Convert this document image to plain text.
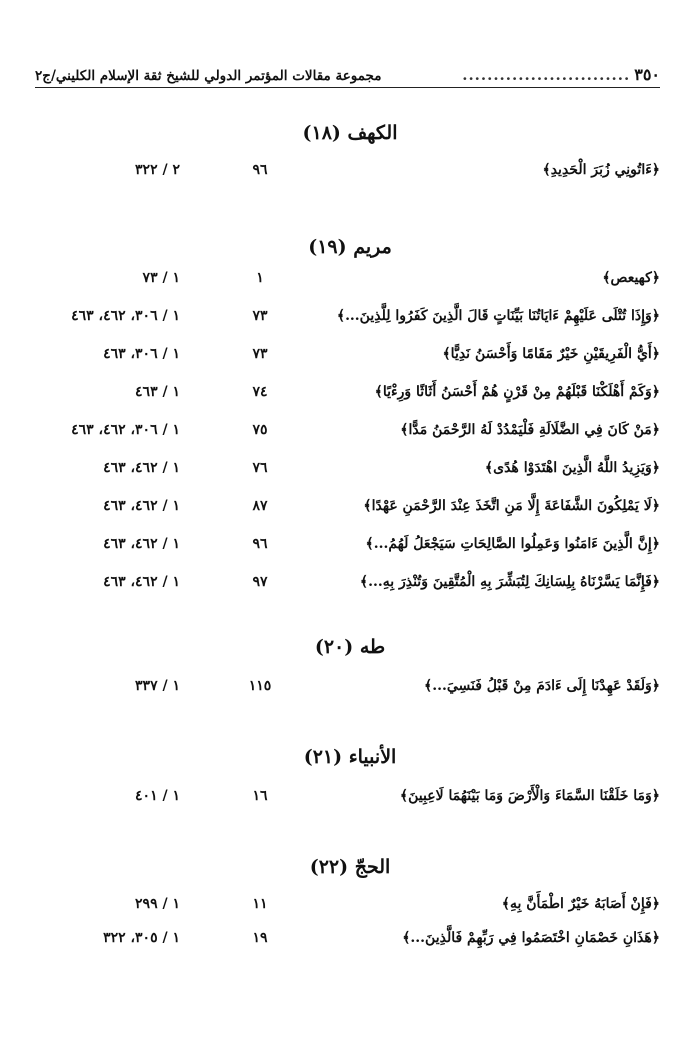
٣٥٠
...........................
مجموعة مقالات المؤتمر الدولي للشيخ ثقة الإسلام الكليني/ج٢
الكهف (١٨)
﴿ءَاتُونِي زُبَرَ الْحَدِيدِ﴾
٩٦
٢ / ٣٢٢
مريم (١٩)
﴿كهيعص﴾
١
١ / ٧٣
﴿وَإِذَا تُتْلَى عَلَيْهِمْ ءَايَاتُنَا بَيِّنَاتٍ قَالَ الَّذِينَ كَفَرُوا لِلَّذِينَ...﴾
٧٣
١ / ٣٠٦، ٤٦٢، ٤٦٣
﴿أَيُّ الْفَرِيقَيْنِ خَيْرٌ مَقَامًا وَأَحْسَنُ نَدِيًّا﴾
٧٣
١ / ٣٠٦، ٤٦٣
﴿وَكَمْ أَهْلَكْنَا قَبْلَهُمْ مِنْ قَرْنٍ هُمْ أَحْسَنُ أَثَاثًا وَرِءْيًا﴾
٧٤
١ / ٤٦٣
﴿مَنْ كَانَ فِي الضَّلَالَةِ فَلْيَمْدُدْ لَهُ الرَّحْمَنُ مَدًّا﴾
٧٥
١ / ٣٠٦، ٤٦٢، ٤٦٣
﴿وَيَزِيدُ اللَّهُ الَّذِينَ اهْتَدَوْا هُدًى﴾
٧٦
١ / ٤٦٢، ٤٦٣
﴿لَا يَمْلِكُونَ الشَّفَاعَةَ إِلَّا مَنِ اتَّخَذَ عِنْدَ الرَّحْمَنِ عَهْدًا﴾
٨٧
١ / ٤٦٢، ٤٦٣
﴿إِنَّ الَّذِينَ ءَامَنُوا وَعَمِلُوا الصَّالِحَاتِ سَيَجْعَلُ لَهُمُ...﴾
٩٦
١ / ٤٦٢، ٤٦٣
﴿فَإِنَّمَا يَسَّرْنَاهُ بِلِسَانِكَ لِتُبَشِّرَ بِهِ الْمُتَّقِينَ وَتُنْذِرَ بِهِ...﴾
٩٧
١ / ٤٦٢، ٤٦٣
طه (٢٠)
﴿وَلَقَدْ عَهِدْنَا إِلَى ءَادَمَ مِنْ قَبْلُ فَنَسِيَ...﴾
١١٥
١ / ٣٣٧
الأنبياء (٢١)
﴿وَمَا خَلَقْنَا السَّمَاءَ وَالْأَرْضَ وَمَا بَيْنَهُمَا لَاعِبِينَ﴾
١٦
١ / ٤٠١
الحجّ (٢٢)
﴿فَإِنْ أَصَابَهُ خَيْرٌ اطْمَأَنَّ بِهِ﴾
١١
١ / ٢٩٩
﴿هَذَانِ خَصْمَانِ اخْتَصَمُوا فِي رَبِّهِمْ فَالَّذِينَ...﴾
١٩
١ / ٣٠٥، ٣٢٢
